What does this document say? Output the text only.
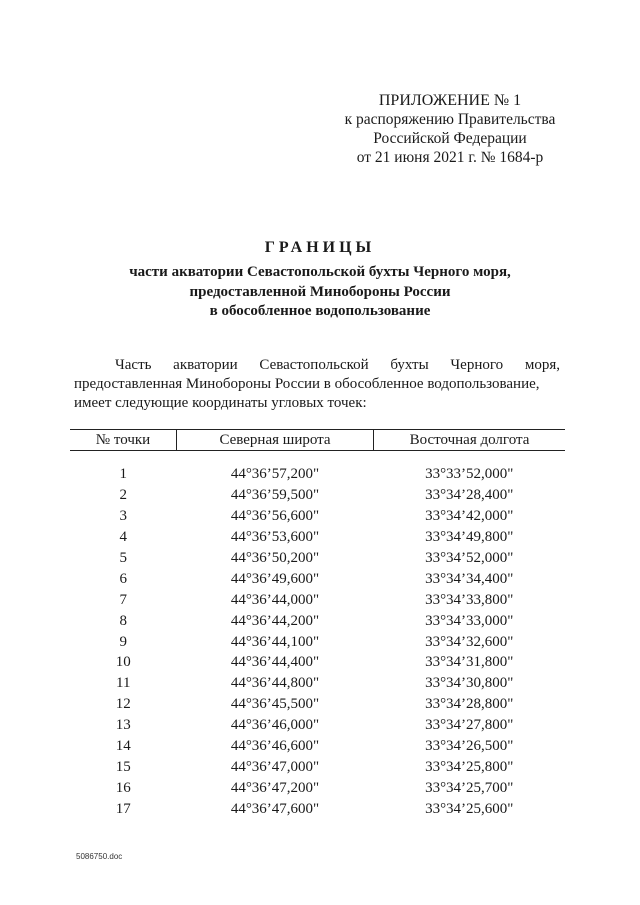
ПРИЛОЖЕНИЕ № 1
к распоряжению Правительства
Российской Федерации
от 21 июня 2021 г. № 1684-р
ГРАНИЦЫ
части акватории Севастопольской бухты Черного моря,
предоставленной Минобороны России
в обособленное водопользование
Часть акватории Севастопольской бухты Черного моря,
предоставленная Минобороны России в обособленное водопользование,
имеет следующие координаты угловых точек:
№ точки	Северная широта	Восточная долгота

1	44°36’57,200"	33°33’52,000"
2	44°36’59,500"	33°34’28,400"
3	44°36’56,600"	33°34’42,000"
4	44°36’53,600"	33°34’49,800"
5	44°36’50,200"	33°34’52,000"
6	44°36’49,600"	33°34’34,400"
7	44°36’44,000"	33°34’33,800"
8	44°36’44,200"	33°34’33,000"
9	44°36’44,100"	33°34’32,600"
10	44°36’44,400"	33°34’31,800"
11	44°36’44,800"	33°34’30,800"
12	44°36’45,500"	33°34’28,800"
13	44°36’46,000"	33°34’27,800"
14	44°36’46,600"	33°34’26,500"
15	44°36’47,000"	33°34’25,800"
16	44°36’47,200"	33°34’25,700"
17	44°36’47,600"	33°34’25,600"
5086750.doc
